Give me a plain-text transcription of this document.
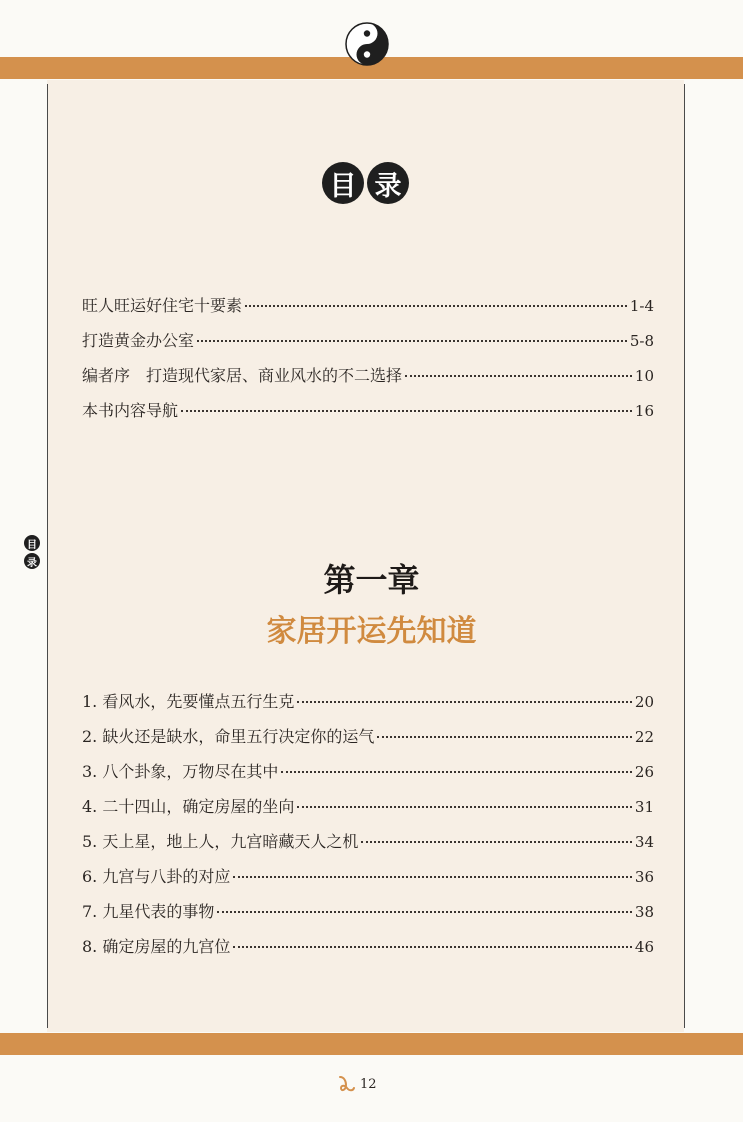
目 录
旺人旺运好住宅十要素	1-4
打造黄金办公室	5-8
编者序　打造现代家居、商业风水的不二选择	10
本书内容导航	16
目
录	第一章
家居开运先知道
1. 看风水，先要懂点五行生克	20
2. 缺火还是缺水，命里五行决定你的运气	22
3. 八个卦象，万物尽在其中	26
4. 二十四山，确定房屋的坐向	31
5. 天上星，地上人，九宫暗藏天人之机	34
6. 九宫与八卦的对应	36
7. 九星代表的事物	38
8. 确定房屋的九宫位	46
12
